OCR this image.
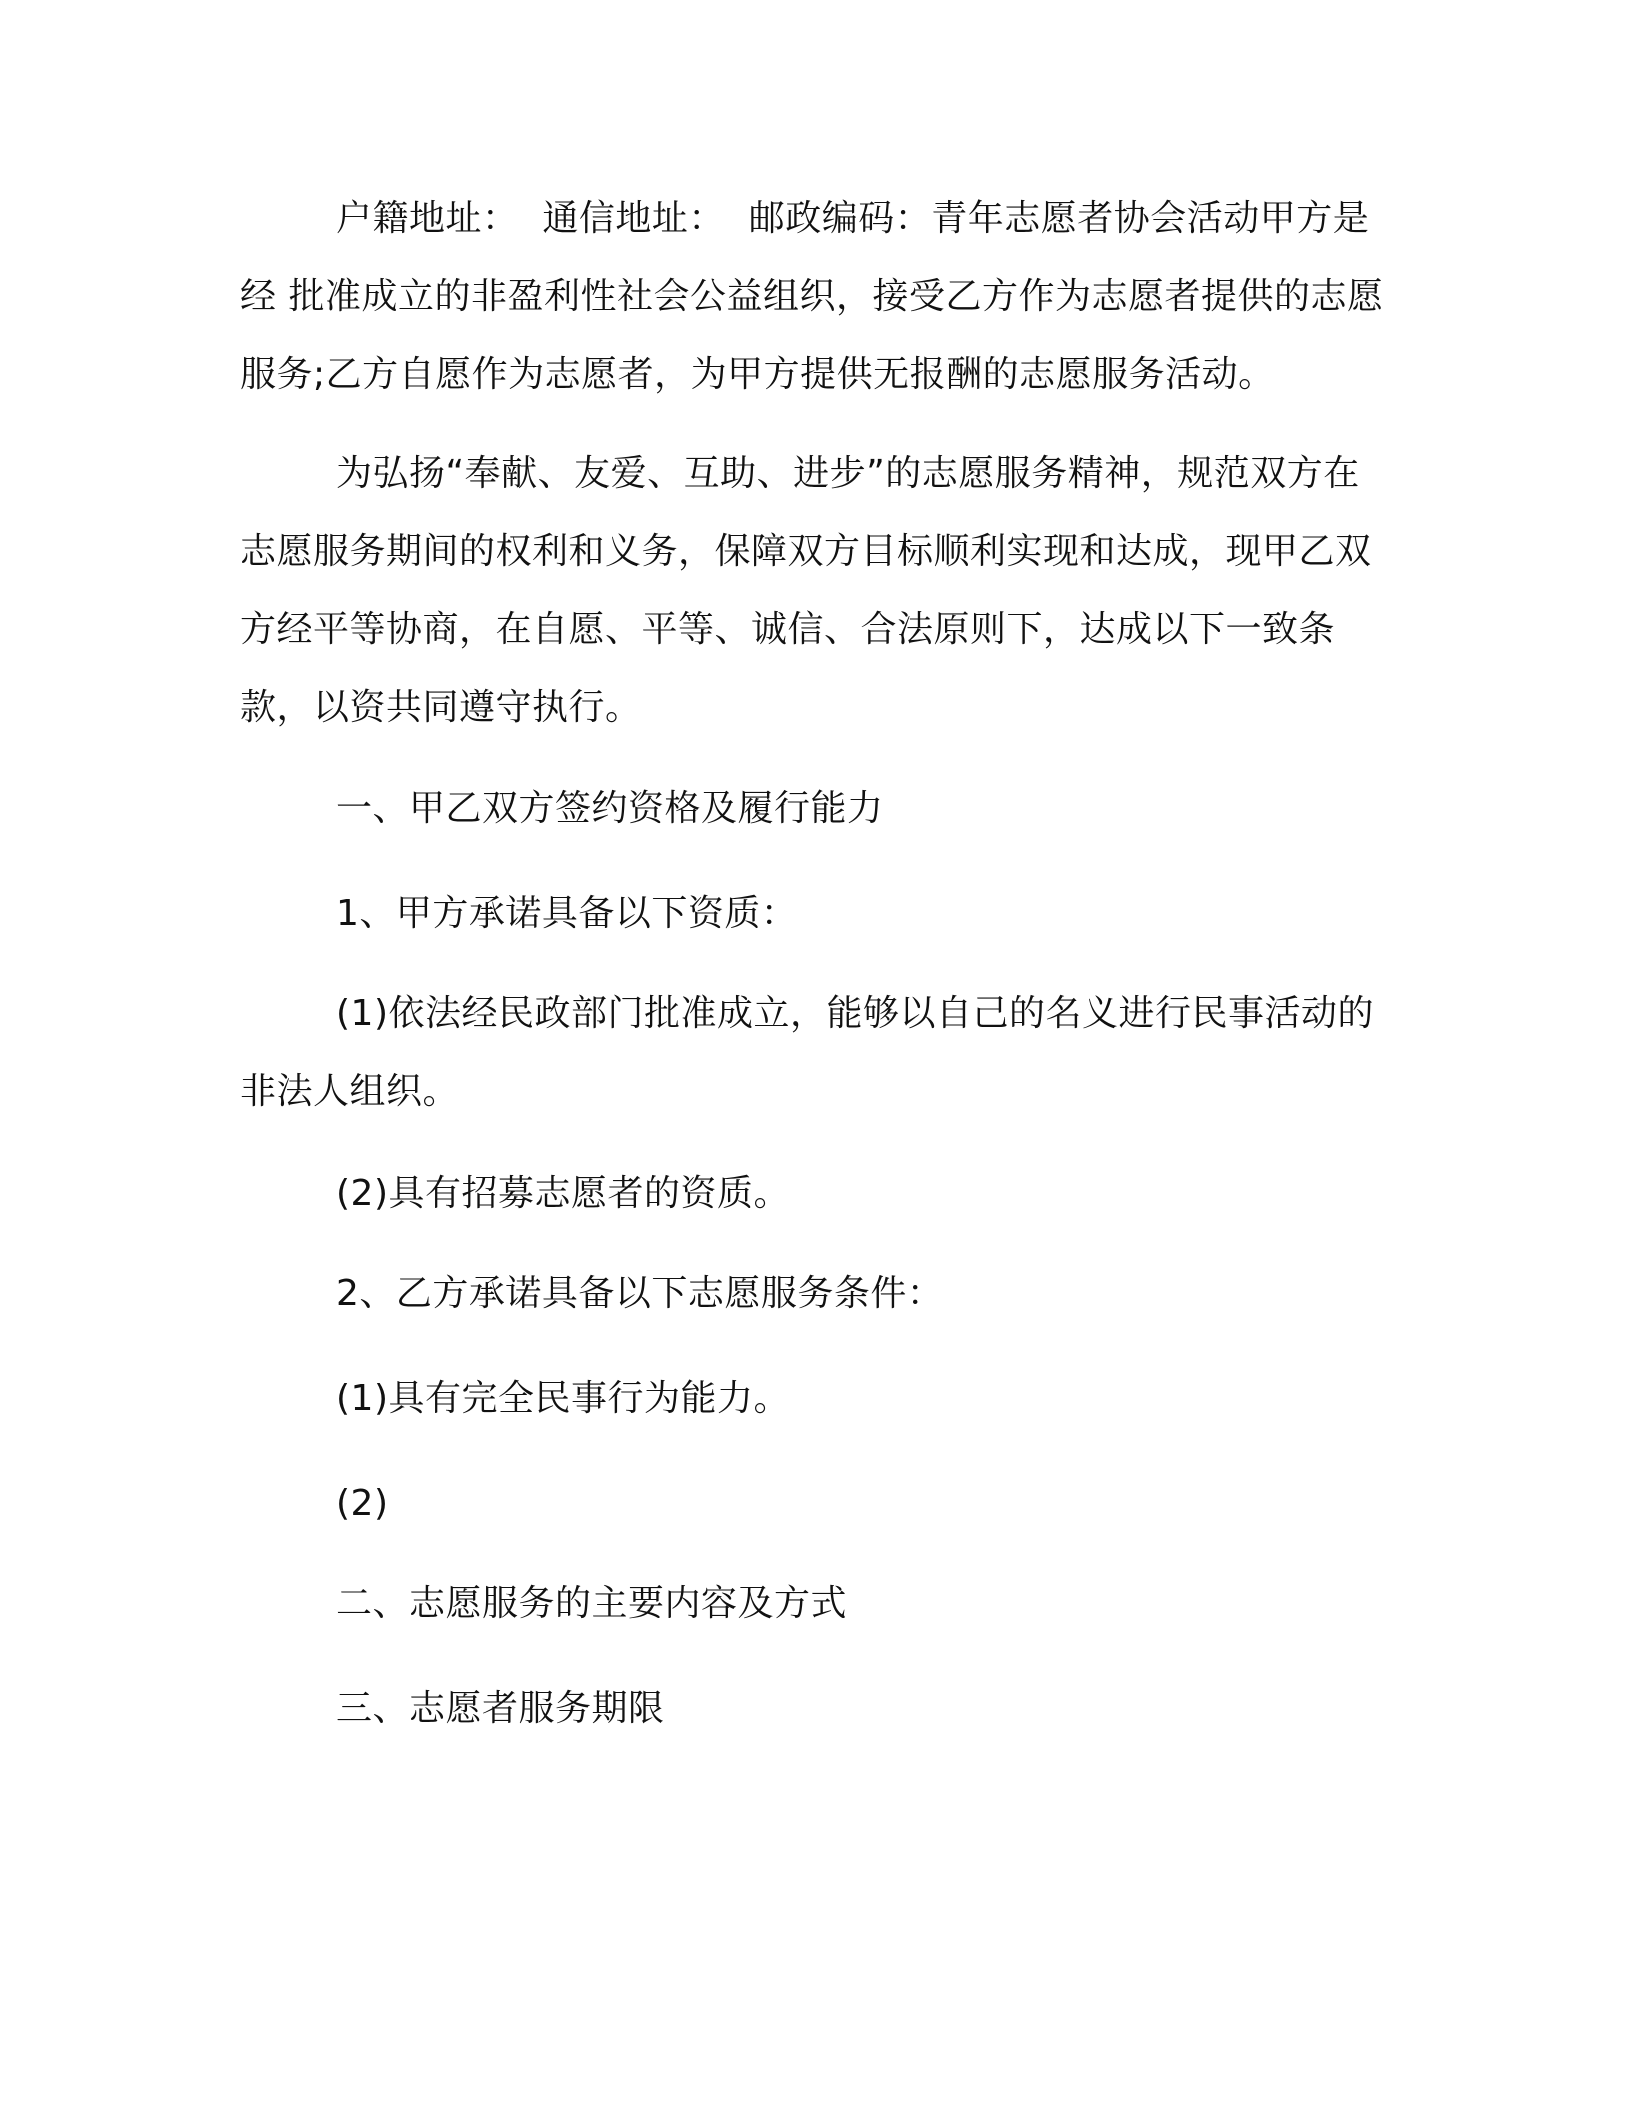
户籍地址：  通信地址：  邮政编码：青年志愿者协会活动甲方是经 批准成立的非盈利性社会公益组织，接受乙方作为志愿者提供的志愿服务;乙方自愿作为志愿者，为甲方提供无报酬的志愿服务活动。

为弘扬“奉献、友爱、互助、进步”的志愿服务精神，规范双方在志愿服务期间的权利和义务，保障双方目标顺利实现和达成，现甲乙双方经平等协商，在自愿、平等、诚信、合法原则下，达成以下一致条款，以资共同遵守执行。

一、甲乙双方签约资格及履行能力

1、甲方承诺具备以下资质：

(1)依法经民政部门批准成立，能够以自己的名义进行民事活动的非法人组织。

(2)具有招募志愿者的资质。

2、乙方承诺具备以下志愿服务条件：

(1)具有完全民事行为能力。

(2)

二、志愿服务的主要内容及方式

三、志愿者服务期限
